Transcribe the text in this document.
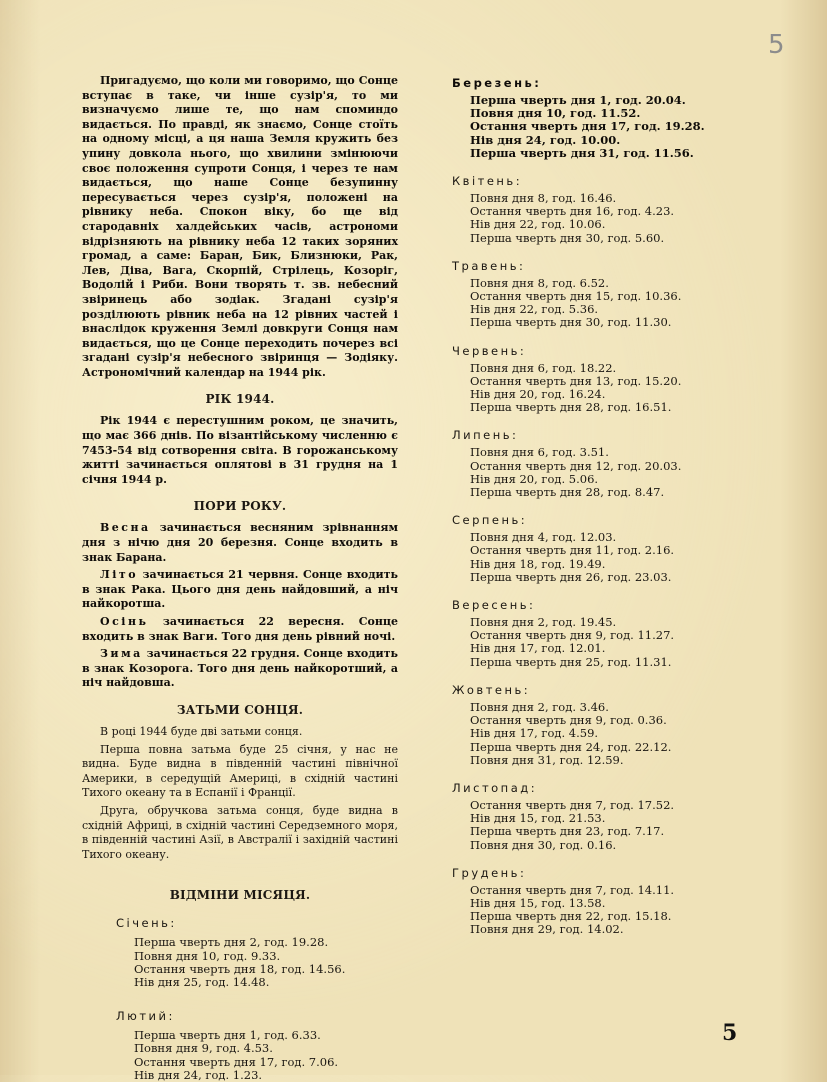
5

Пригадуємо, що коли ми говоримо, що Сонце вступає в таке, чи інше сузір'я, то ми визначуємо лише те, що нам споминдо видається. По правді, як знаємо, Сонце стоїть на одному місці, а ця наша Земля кружить без упину довкола нього, що хвилини змінюючи своє положення супроти Сонця, і через те нам видається, що наше Сонце безупинну пересувається через сузір'я, положені на рівнику неба. Спокон віку, бо ще від стародавніх халдейських часів, астрономи відрізняють на рівнику неба 12 таких зоряних громад, а саме: Баран, Бик, Близнюки, Рак, Лев, Діва, Вага, Скорпій, Стрілець, Козоріг, Водолій і Риби. Вони творять т. зв. небесний звіринець або зодіак. Згадані сузір'я розділюють рівник неба на 12 рівних частей і внаслідок круження Землі довкруги Сонця нам видається, що це Сонце переходить почерез всі згадані сузір'я небесного звіринця — Зодіяку. Астрономічний календар на 1944 рік.

РІК 1944.

Рік 1944 є перестушним роком, це значить, що має 366 днів. По візантійському численню є 7453-54 від сотворення світа. В горожанському житті зачинається оплятові в 31 грудня на 1 січня 1944 р.

ПОРИ РОКУ.

Весна зачинається весняним зрівнанням дня з нічю дня 20 березня. Сонце входить в знак Барана.

Літо зачинається 21 червня. Сонце входить в знак Рака. Цього дня день найдовший, а ніч найкоротша.

Осінь зачинається 22 вересня. Сонце входить в знак Ваги. Того дня день рівний ночі.

Зима зачинається 22 грудня. Сонце входить в знак Козорога. Того дня день найкоротший, а ніч найдовша.

ЗАТЬМИ СОНЦЯ.

В році 1944 буде дві затьми сонця.

Перша повна затьма буде 25 січня, у нас не видна. Буде видна в південній частині північної Америки, в середущій Америці, в східній частині Тихого океану та в Еспанії і Франції.

Друга, обручкова затьма сонця, буде видна в східній Африці, в східній частині Середземного моря, в південній частині Азії, в Австралії і західній частині Тихого океану.

ВІДМІНИ МІСЯЦЯ.
Січень:
Перша чверть дня 2, год. 19.28.
Повня дня 10, год. 9.33.
Остання чверть дня 18, год. 14.56.
Нів дня 25, год. 14.48.
Лютий:
Перша чверть дня 1, год. 6.33.
Повня дня 9, год. 4.53.
Остання чверть дня 17, год. 7.06.
Нів дня 24, год. 1.23.
Березень:
Перша чверть дня 1, год. 20.04.
Повня дня 10, год. 11.52.
Остання чверть дня 17, год. 19.28.
Нів дня 24, год. 10.00.
Перша чверть дня 31, год. 11.56.
Квітень:
Повня дня 8, год. 16.46.
Остання чверть дня 16, год. 4.23.
Нів дня 22, год. 10.06.
Перша чверть дня 30, год. 5.60.
Травень:
Повня дня 8, год. 6.52.
Остання чверть дня 15, год. 10.36.
Нів дня 22, год. 5.36.
Перша чверть дня 30, год. 11.30.
Червень:
Повня дня 6, год. 18.22.
Остання чверть дня 13, год. 15.20.
Нів дня 20, год. 16.24.
Перша чверть дня 28, год. 16.51.
Липень:
Повня дня 6, год. 3.51.
Остання чверть дня 12, год. 20.03.
Нів дня 20, год. 5.06.
Перша чверть дня 28, год. 8.47.
Серпень:
Повня дня 4, год. 12.03.
Остання чверть дня 11, год. 2.16.
Нів дня 18, год. 19.49.
Перша чверть дня 26, год. 23.03.
Вересень:
Повня дня 2, год. 19.45.
Остання чверть дня 9, год. 11.27.
Нів дня 17, год. 12.01.
Перша чверть дня 25, год. 11.31.
Жовтень:
Повня дня 2, год. 3.46.
Остання чверть дня 9, год. 0.36.
Нів дня 17, год. 4.59.
Перша чверть дня 24, год. 22.12.
Повня дня 31, год. 12.59.
Листопад:
Остання чверть дня 7, год. 17.52.
Нів дня 15, год. 21.53.
Перша чверть дня 23, год. 7.17.
Повня дня 30, год. 0.16.
Грудень:
Остання чверть дня 7, год. 14.11.
Нів дня 15, год. 13.58.
Перша чверть дня 22, год. 15.18.
Повня дня 29, год. 14.02.
5
